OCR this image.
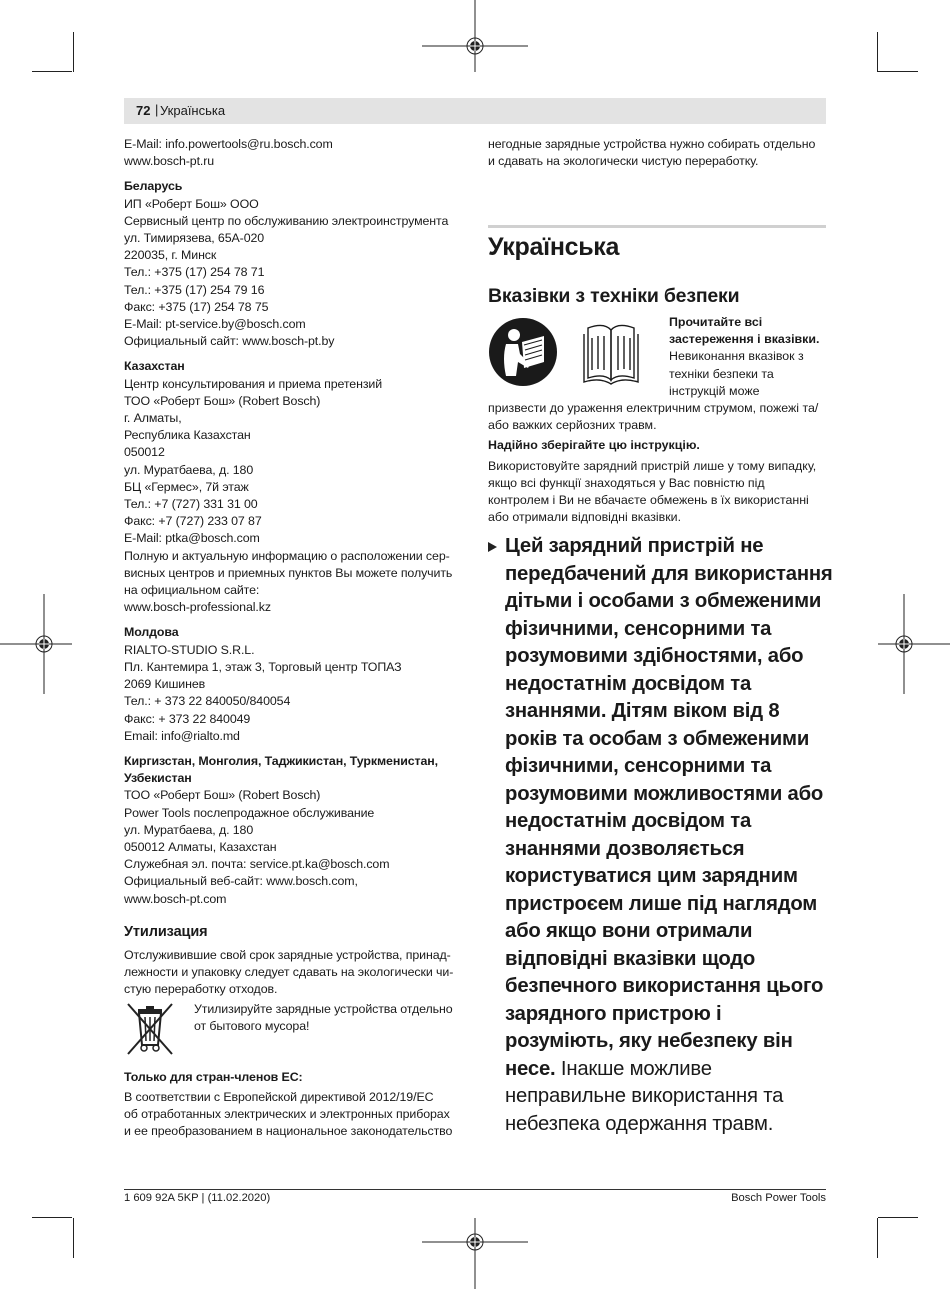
72 | Українська
E-Mail: info.powertools@ru.bosch.com
www.bosch-pt.ru
Беларусь
ИП «Роберт Бош» ООО
Сервисный центр по обслуживанию электроинструмента
ул. Тимирязева, 65А-020
220035, г. Минск
Тел.: +375 (17) 254 78 71
Тел.: +375 (17) 254 79 16
Факс: +375 (17) 254 78 75
E-Mail: pt-service.by@bosch.com
Официальный сайт: www.bosch-pt.by
Казахстан
Центр консультирования и приема претензий
ТОО «Роберт Бош» (Robert Bosch)
г. Алматы,
Республика Казахстан
050012
ул. Муратбаева, д. 180
БЦ «Гермес», 7й этаж
Тел.: +7 (727) 331 31 00
Факс: +7 (727) 233 07 87
E-Mail: ptka@bosch.com
Полную и актуальную информацию о расположении сер-
висных центров и приемных пунктов Вы можете получить
на официальном сайте:
www.bosch-professional.kz
Молдова
RIALTO-STUDIO S.R.L.
Пл. Кантемира 1, этаж 3, Торговый центр ТОПАЗ
2069 Кишинев
Тел.: + 373 22 840050/840054
Факс: + 373 22 840049
Email: info@rialto.md
Киргизстан, Монголия, Таджикистан, Туркменистан,
Узбекистан
ТОО «Роберт Бош» (Robert Bosch)
Power Tools послепродажное обслуживание
ул. Муратбаева, д. 180
050012 Алматы, Казахстан
Служебная эл. почта: service.pt.ka@bosch.com
Официальный веб-сайт: www.bosch.com,
www.bosch-pt.com
Утилизация
Отслуживившие свой срок зарядные устройства, принад-
лежности и упаковку следует сдавать на экологически чи-
стую переработку отходов.
Утилизируйте зарядные устройства отдельно
от бытового мусора!
Только для стран-членов ЕС:
В соответствии с Европейской директивой 2012/19/ЕС
об отработанных электрических и электронных приборах
и ее преобразованием в национальное законодательство
негодные зарядные устройства нужно собирать отдельно
и сдавать на экологически чистую переработку.
Українська
Вказівки з техніки безпеки
Прочитайте всі
застереження і вказівки.
Невиконання вказівок з
техніки безпеки та
інструкцій може
призвести до ураження електричним струмом, пожежі та/
або важких серйозних травм.
Надійно зберігайте цю інструкцію.
Використовуйте зарядний пристрій лише у тому випадку,
якщо всі функції знаходяться у Вас повністю під
контролем і Ви не вбачаєте обмежень в їх використанні
або отримали відповідні вказівки.
Цей зарядний пристрій не
передбачений для використання
дітьми і особами з обмеженими
фізичними, сенсорними та
розумовими здібностями, або
недостатнім досвідом та
знаннями. Дітям віком від 8
років та особам з обмеженими
фізичними, сенсорними та
розумовими можливостями або
недостатнім досвідом та
знаннями дозволяється
користуватися цим зарядним
пристроєем лише під наглядом
або якщо вони отримали
відповідні вказівки щодо
безпечного використання цього
зарядного пристрою і
розуміють, яку небезпеку він
несе. Інакше можливе
неправильне використання та
небезпека одержання травм.
1 609 92A 5KP | (11.02.2020)	Bosch Power Tools
